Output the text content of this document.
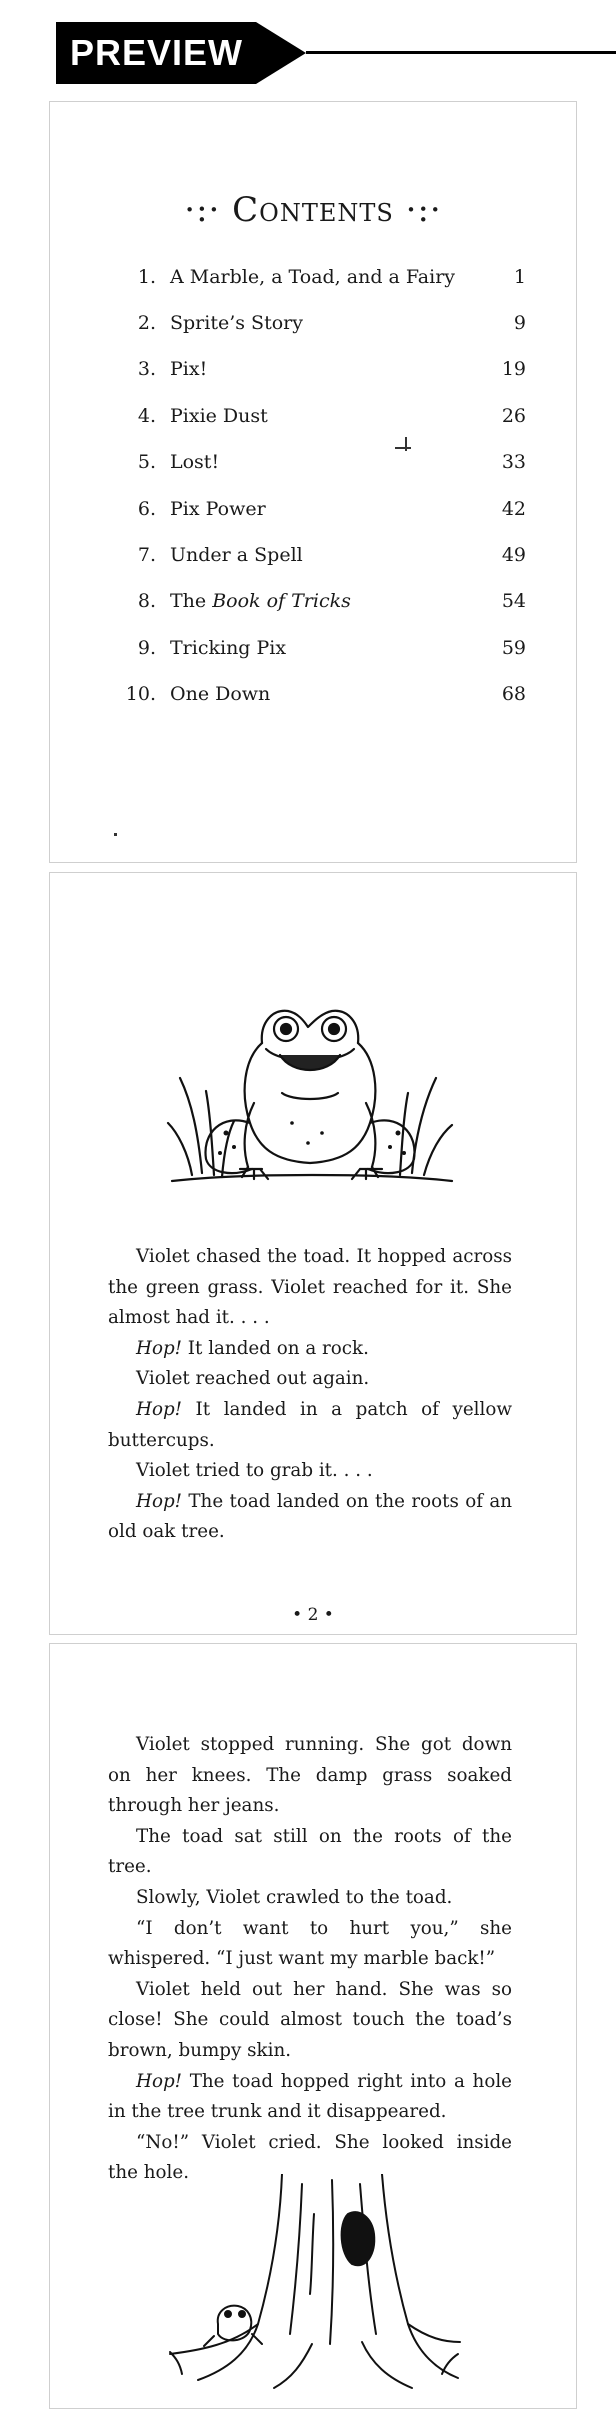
PREVIEW
·:· Contents ·:·
1. A Marble, a Toad, and a Fairy	1
2. Sprite’s Story	9
3. Pix!	19
4. Pixie Dust	26
5. Lost!	33
6. Pix Power	42
7. Under a Spell	49
8. The Book of Tricks	54
9. Tricking Pix	59
10. One Down	68

Violet chased the toad. It hopped across the green grass. Violet reached for it. She almost had it. . . .

Hop! It landed on a rock.

Violet reached out again.

Hop! It landed in a patch of yellow buttercups.

Violet tried to grab it. . . .

Hop! The toad landed on the roots of an old oak tree.

• 2 •

Violet stopped running. She got down on her knees. The damp grass soaked through her jeans.

The toad sat still on the roots of the tree.

Slowly, Violet crawled to the toad.

“I don’t want to hurt you,” she whispered. “I just want my marble back!”

Violet held out her hand. She was so close! She could almost touch the toad’s brown, bumpy skin.

Hop! The toad hopped right into a hole in the tree trunk and it disappeared.

“No!” Violet cried. She looked inside the hole.
